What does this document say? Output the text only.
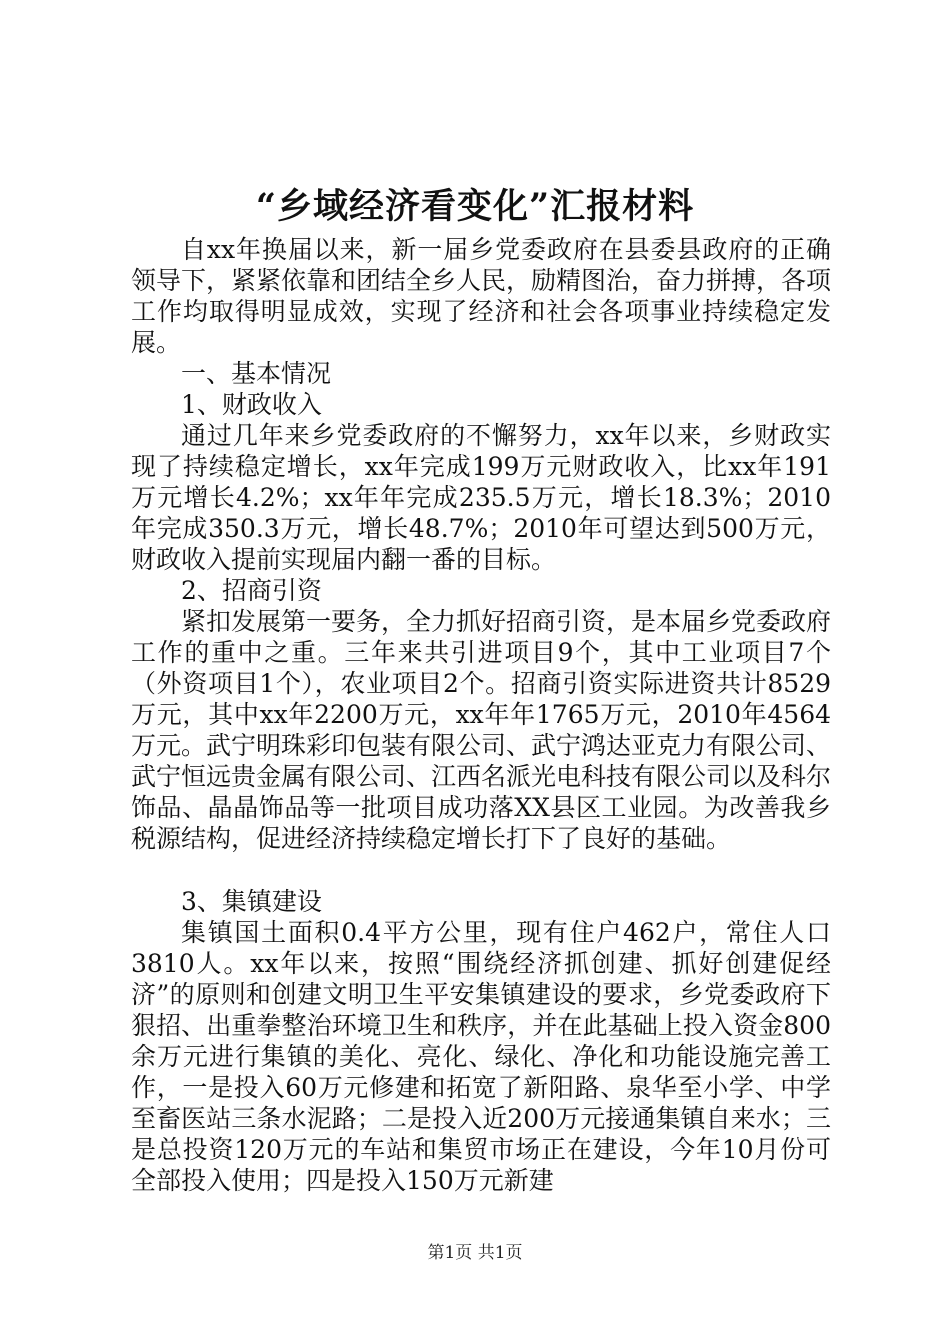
“乡域经济看变化”汇报材料

自xx年换届以来，新一届乡党委政府在县委县政府的正确领导下，紧紧依靠和团结全乡人民，励精图治，奋力拼搏，各项工作均取得明显成效，实现了经济和社会各项事业持续稳定发展。

一、基本情况

1、财政收入

通过几年来乡党委政府的不懈努力，xx年以来，乡财政实现了持续稳定增长，xx年完成199万元财政收入，比xx年191万元增长4.2%；xx年年完成235.5万元，增长18.3%；2010年完成350.3万元，增长48.7%；2010年可望达到500万元，财政收入提前实现届内翻一番的目标。

2、招商引资

紧扣发展第一要务，全力抓好招商引资，是本届乡党委政府工作的重中之重。三年来共引进项目9个，其中工业项目7个（外资项目1个），农业项目2个。招商引资实际进资共计8529万元，其中xx年2200万元，xx年年1765万元，2010年4564万元。武宁明珠彩印包装有限公司、武宁鸿达亚克力有限公司、武宁恒远贵金属有限公司、江西名派光电科技有限公司以及科尔饰品、晶晶饰品等一批项目成功落XX县区工业园。为改善我乡税源结构，促进经济持续稳定增长打下了良好的基础。

3、集镇建设

集镇国土面积0.4平方公里，现有住户462户，常住人口3810人。xx年以来，按照“围绕经济抓创建、抓好创建促经济”的原则和创建文明卫生平安集镇建设的要求，乡党委政府下狠招、出重拳整治环境卫生和秩序，并在此基础上投入资金800余万元进行集镇的美化、亮化、绿化、净化和功能设施完善工作，一是投入60万元修建和拓宽了新阳路、泉华至小学、中学至畜医站三条水泥路；二是投入近200万元接通集镇自来水；三是总投资120万元的车站和集贸市场正在建设，今年10月份可全部投入使用；四是投入150万元新建

第1页 共1页
